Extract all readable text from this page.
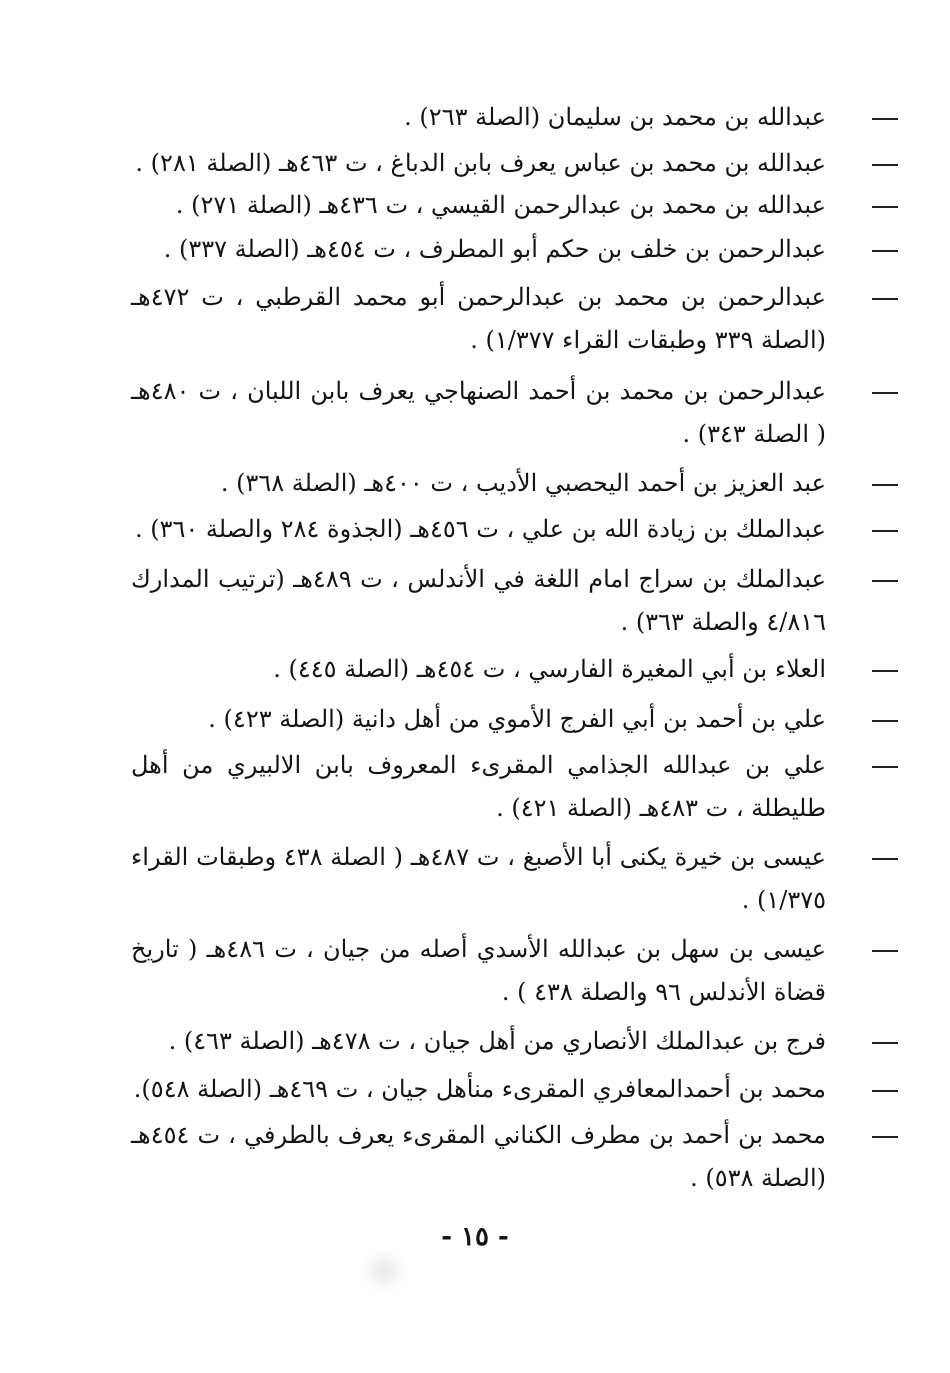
عبدالله بن محمد بن سليمان (الصلة ٢٦٣) .
عبدالله بن محمد بن عباس يعرف بابن الدباغ ، ت ٤٦٣هـ (الصلة ٢٨١) .
عبدالله بن محمد بن عبدالرحمن القيسي ، ت ٤٣٦هـ (الصلة ٢٧١) .
عبدالرحمن بن خلف بن حكم أبو المطرف ، ت ٤٥٤هـ (الصلة ٣٣٧) .
عبدالرحمن بن محمد بن عبدالرحمن أبو محمد القرطبي ، ت ٤٧٢هـ (الصلة ٣٣٩ وطبقات القراء ١/٣٧٧) .
عبدالرحمن بن محمد بن أحمد الصنهاجي يعرف بابن اللبان ، ت ٤٨٠هـ ( الصلة ٣٤٣) .
عبد العزيز بن أحمد اليحصبي الأديب ، ت ٤٠٠هـ (الصلة ٣٦٨) .
عبدالملك بن زيادة الله بن علي ، ت ٤٥٦هـ (الجذوة ٢٨٤ والصلة ٣٦٠) .
عبدالملك بن سراج امام اللغة في الأندلس ، ت ٤٨٩هـ (ترتيب المدارك ٤/٨١٦ والصلة ٣٦٣) .
العلاء بن أبي المغيرة الفارسي ، ت ٤٥٤هـ (الصلة ٤٤٥) .
علي بن أحمد بن أبي الفرج الأموي من أهل دانية (الصلة ٤٢٣) .
علي بن عبدالله الجذامي المقرىء المعروف بابن الالبيري من أهل طليطلة ، ت ٤٨٣هـ (الصلة ٤٢١) .
عيسى بن خيرة يكنى أبا الأصبغ ، ت ٤٨٧هـ ( الصلة ٤٣٨ وطبقات القراء ١/٣٧٥) .
عيسى بن سهل بن عبدالله الأسدي أصله من جيان ، ت ٤٨٦هـ ( تاريخ قضاة الأندلس ٩٦ والصلة ٤٣٨ ) .
فرج بن عبدالملك الأنصاري من أهل جيان ، ت ٤٧٨هـ (الصلة ٤٦٣) .
محمد بن أحمدالمعافري المقرىء منأهل جيان ، ت ٤٦٩هـ (الصلة ٥٤٨).
محمد بن أحمد بن مطرف الكناني المقرىء يعرف بالطرفي ، ت ٤٥٤هـ (الصلة ٥٣٨) .
- ١٥ -
